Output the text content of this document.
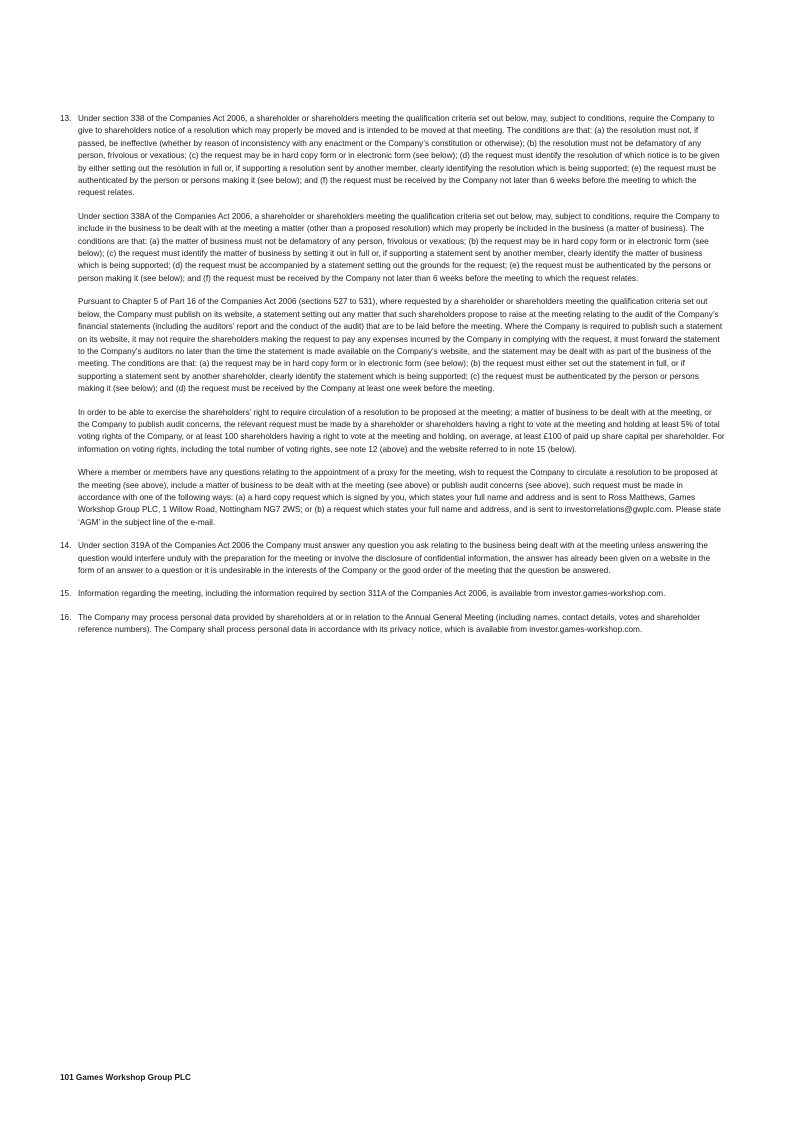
13. Under section 338 of the Companies Act 2006, a shareholder or shareholders meeting the qualification criteria set out below, may, subject to conditions, require the Company to give to shareholders notice of a resolution which may properly be moved and is intended to be moved at that meeting. The conditions are that: (a) the resolution must not, if passed, be ineffective (whether by reason of inconsistency with any enactment or the Company’s constitution or otherwise); (b) the resolution must not be defamatory of any person, frivolous or vexatious; (c) the request may be in hard copy form or in electronic form (see below); (d) the request must identify the resolution of which notice is to be given by either setting out the resolution in full or, if supporting a resolution sent by another member, clearly identifying the resolution which is being supported; (e) the request must be authenticated by the person or persons making it (see below); and (f) the request must be received by the Company not later than 6 weeks before the meeting to which the request relates.

Under section 338A of the Companies Act 2006, a shareholder or shareholders meeting the qualification criteria set out below, may, subject to conditions, require the Company to include in the business to be dealt with at the meeting a matter (other than a proposed resolution) which may properly be included in the business (a matter of business). The conditions are that: (a) the matter of business must not be defamatory of any person, frivolous or vexatious; (b) the request may be in hard copy form or in electronic form (see below); (c) the request must identify the matter of business by setting it out in full or, if supporting a statement sent by another member, clearly identify the matter of business which is being supported; (d) the request must be accompanied by a statement setting out the grounds for the request; (e) the request must be authenticated by the persons or person making it (see below); and (f) the request must be received by the Company not later than 6 weeks before the meeting to which the request relates.

Pursuant to Chapter 5 of Part 16 of the Companies Act 2006 (sections 527 to 531), where requested by a shareholder or shareholders meeting the qualification criteria set out below, the Company must publish on its website, a statement setting out any matter that such shareholders propose to raise at the meeting relating to the audit of the Company’s financial statements (including the auditors’ report and the conduct of the audit) that are to be laid before the meeting. Where the Company is required to publish such a statement on its website, it may not require the shareholders making the request to pay any expenses incurred by the Company in complying with the request, it must forward the statement to the Company’s auditors no later than the time the statement is made available on the Company’s website, and the statement may be dealt with as part of the business of the meeting. The conditions are that: (a) the request may be in hard copy form or in electronic form (see below); (b) the request must either set out the statement in full, or if supporting a statement sent by another shareholder, clearly identify the statement which is being supported; (c) the request must be authenticated by the person or persons making it (see below); and (d) the request must be received by the Company at least one week before the meeting.

In order to be able to exercise the shareholders’ right to require circulation of a resolution to be proposed at the meeting; a matter of business to be dealt with at the meeting, or the Company to publish audit concerns, the relevant request must be made by a shareholder or shareholders having a right to vote at the meeting and holding at least 5% of total voting rights of the Company, or at least 100 shareholders having a right to vote at the meeting and holding, on average, at least £100 of paid up share capital per shareholder. For information on voting rights, including the total number of voting rights, see note 12 (above) and the website referred to in note 15 (below).

Where a member or members have any questions relating to the appointment of a proxy for the meeting, wish to request the Company to circulate a resolution to be proposed at the meeting (see above), include a matter of business to be dealt with at the meeting (see above) or publish audit concerns (see above), such request must be made in accordance with one of the following ways: (a) a hard copy request which is signed by you, which states your full name and address and is sent to Ross Matthews, Games Workshop Group PLC, 1 Willow Road, Nottingham NG7 2WS; or (b) a request which states your full name and address, and is sent to investorrelations@gwplc.com. Please state ‘AGM’ in the subject line of the e-mail.

14. Under section 319A of the Companies Act 2006 the Company must answer any question you ask relating to the business being dealt with at the meeting unless answering the question would interfere unduly with the preparation for the meeting or involve the disclosure of confidential information, the answer has already been given on a website in the form of an answer to a question or it is undesirable in the interests of the Company or the good order of the meeting that the question be answered.

15. Information regarding the meeting, including the information required by section 311A of the Companies Act 2006, is available from investor.games-workshop.com.

16. The Company may process personal data provided by shareholders at or in relation to the Annual General Meeting (including names, contact details, votes and shareholder reference numbers). The Company shall process personal data in accordance with its privacy notice, which is available from investor.games-workshop.com.

101 Games Workshop Group PLC
